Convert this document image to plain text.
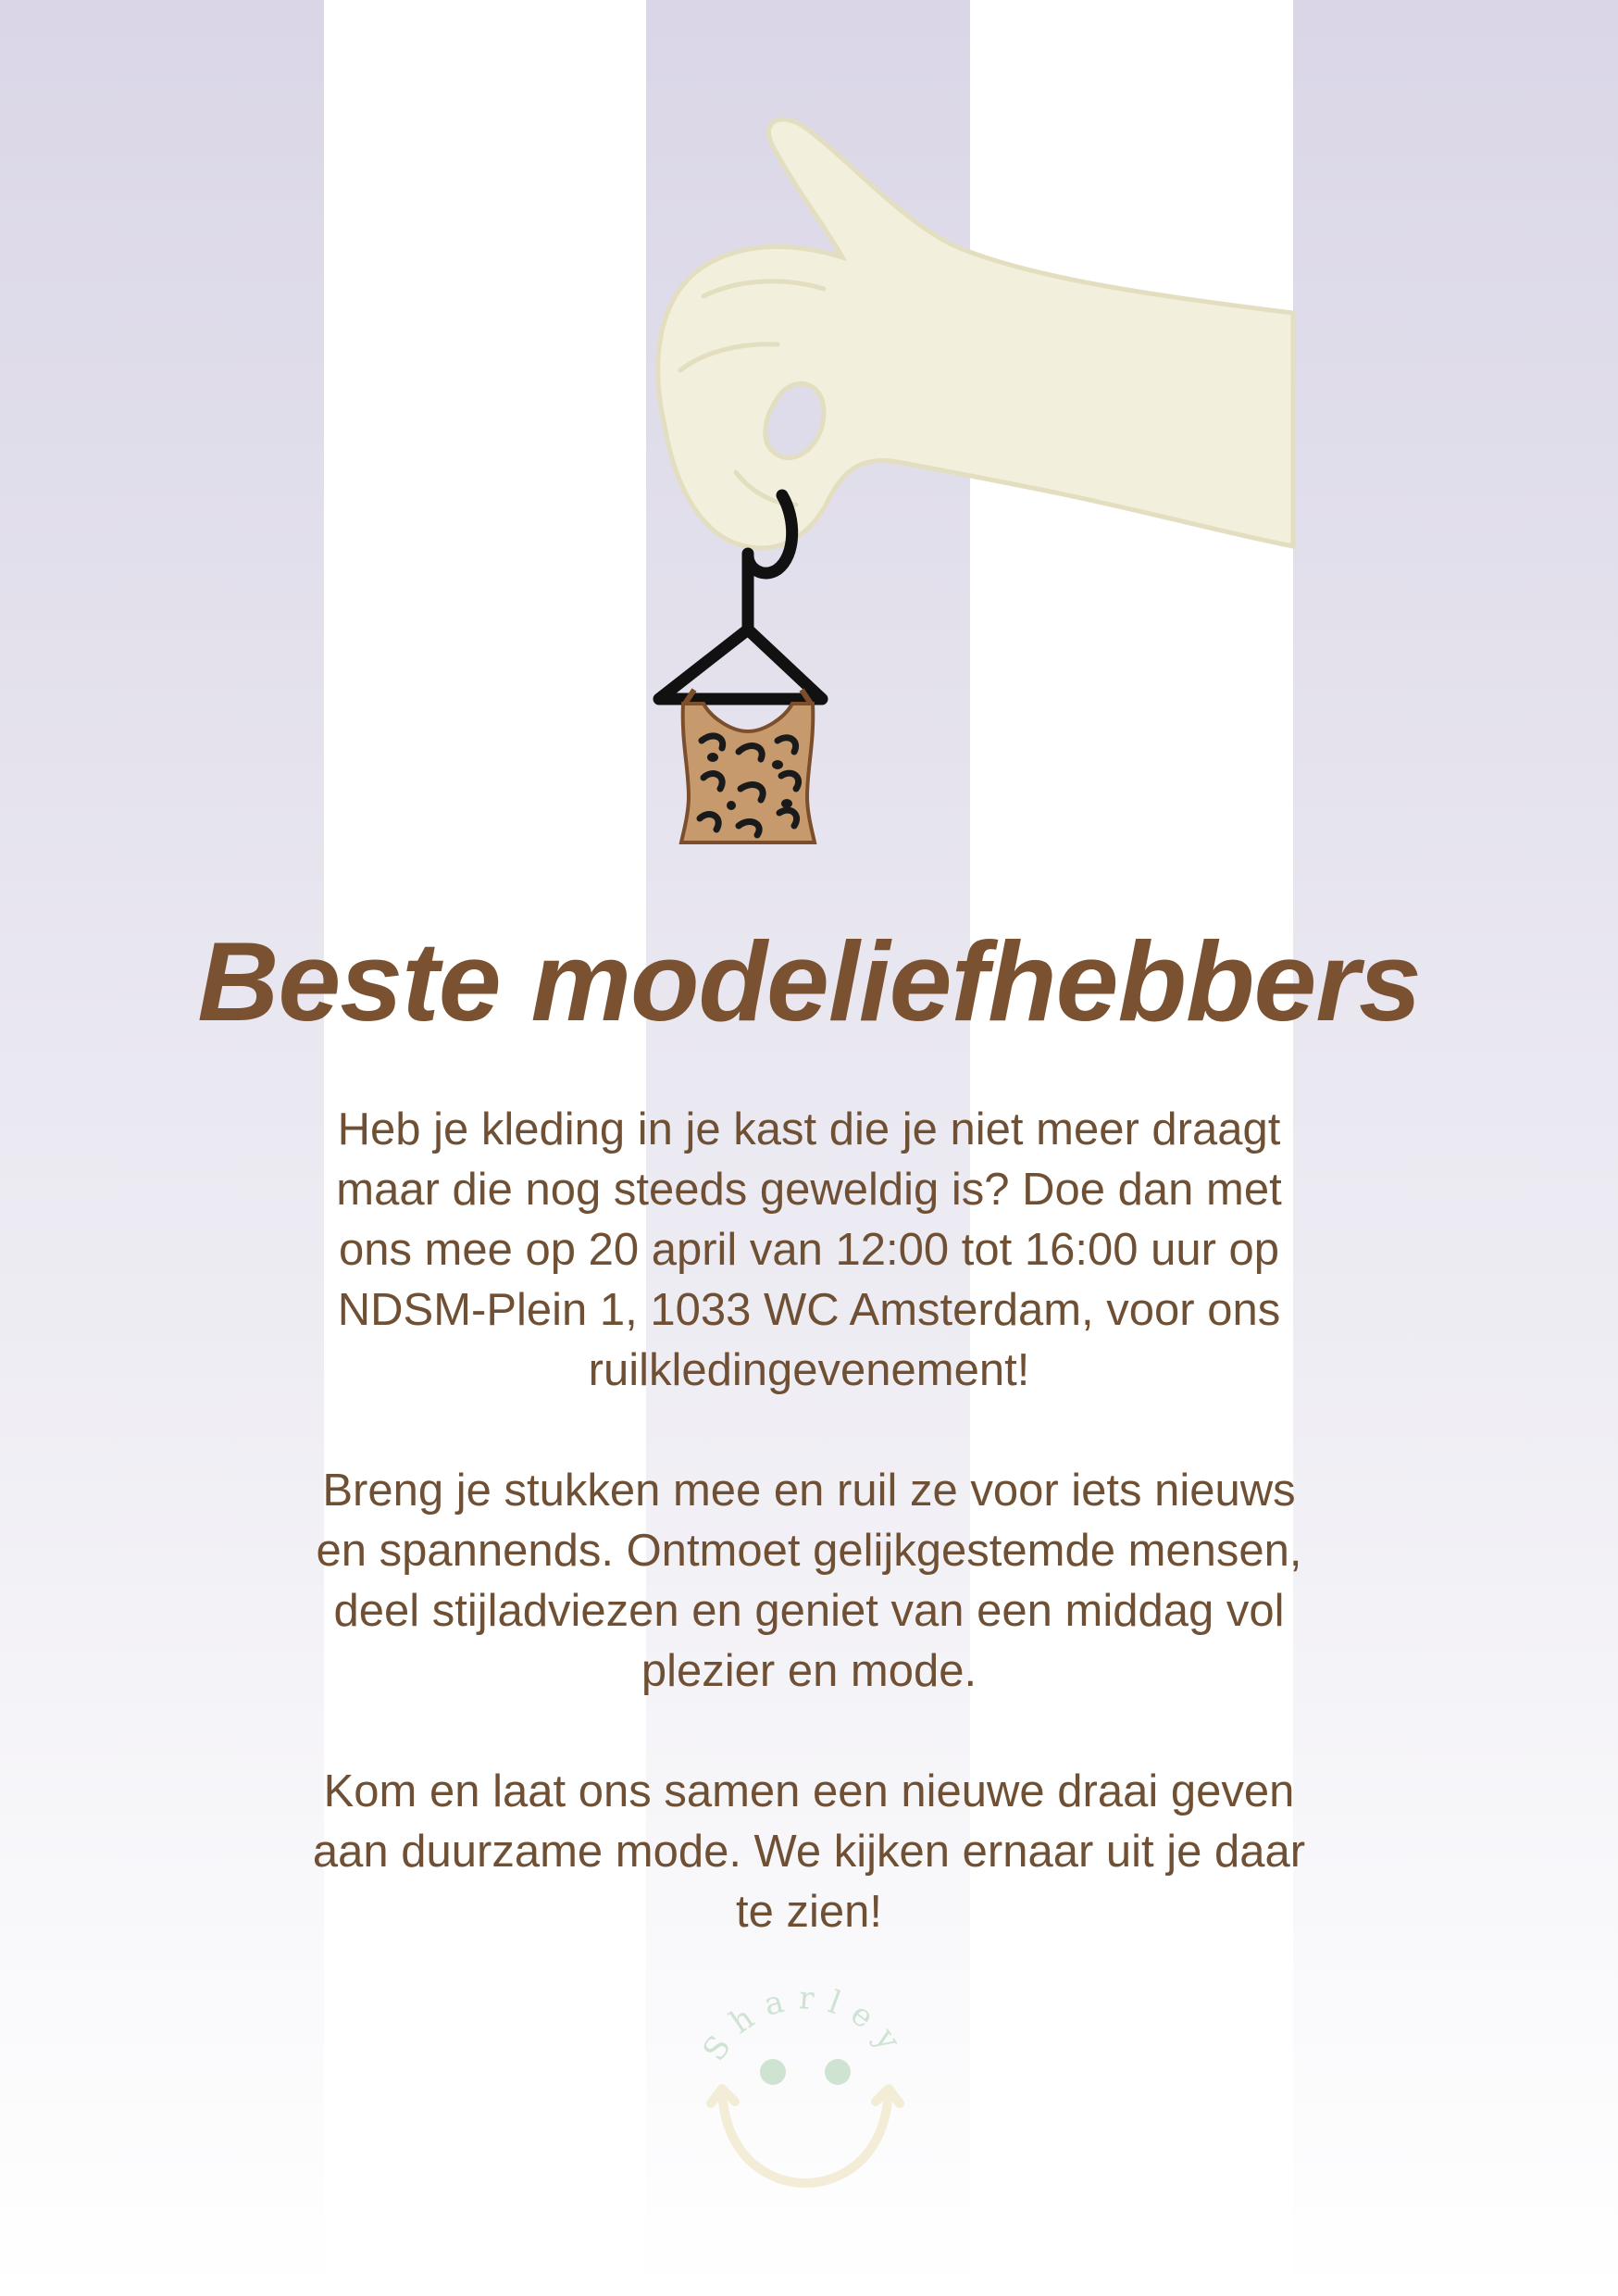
Beste modeliefhebbers

Heb je kleding in je kast die je niet meer draagt
maar die nog steeds geweldig is? Doe dan met
ons mee op 20 april van 12:00 tot 16:00 uur op
NDSM-Plein 1, 1033 WC Amsterdam, voor ons
ruilkledingevenement!

Breng je stukken mee en ruil ze voor iets nieuws
en spannends. Ontmoet gelijkgestemde mensen,
deel stijladviezen en geniet van een middag vol
plezier en mode.

Kom en laat ons samen een nieuwe draai geven
aan duurzame mode. We kijken ernaar uit je daar
te zien!

Sharley
